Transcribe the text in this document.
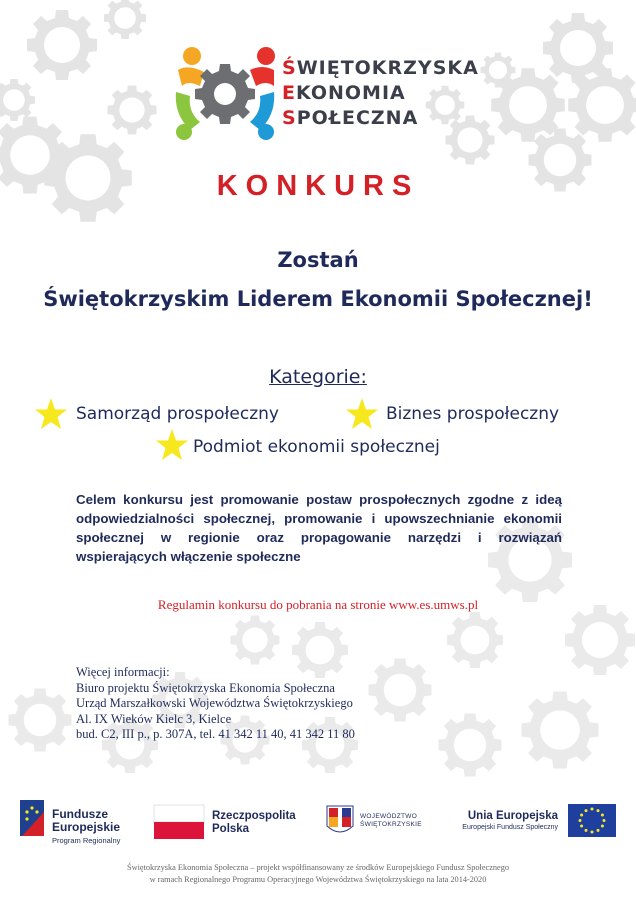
ŚWIĘTOKRZYSKA
EKONOMIA
SPOŁECZNA
KONKURS
Zostań
Świętokrzyskim Liderem Ekonomii Społecznej!
Kategorie:
Samorząd prospołeczny	Biznes prospołeczny
Podmiot ekonomii społecznej
Celem konkursu jest promowanie postaw prospołecznych zgodne z ideą odpowiedzialności społecznej, promowanie i upowszechnianie ekonomii społecznej w regionie oraz propagowanie narzędzi i rozwiązań wspierających włączenie społeczne
Regulamin konkursu do pobrania na stronie www.es.umws.pl
Więcej informacji:
Biuro projektu Świętokrzyska Ekonomia Społeczna
Urząd Marszałkowski Województwa Świętokrzyskiego
Al. IX Wieków Kielc 3, Kielce
bud. C2, III p., p. 307A, tel. 41 342 11 40, 41 342 11 80
Fundusze
Europejskie
Program Regionalny
Rzeczpospolita
Polska
WOJEWÓDZTWO
ŚWIĘTOKRZYSKIE
Unia Europejska
Europejski Fundusz Społeczny
Świętokrzyska Ekonomia Społeczna – projekt współfinansowany ze środków Europejskiego Fundusz Społecznego
w ramach Regionalnego Programu Operacyjnego Województwa Świętokrzyskiego na lata 2014-2020
